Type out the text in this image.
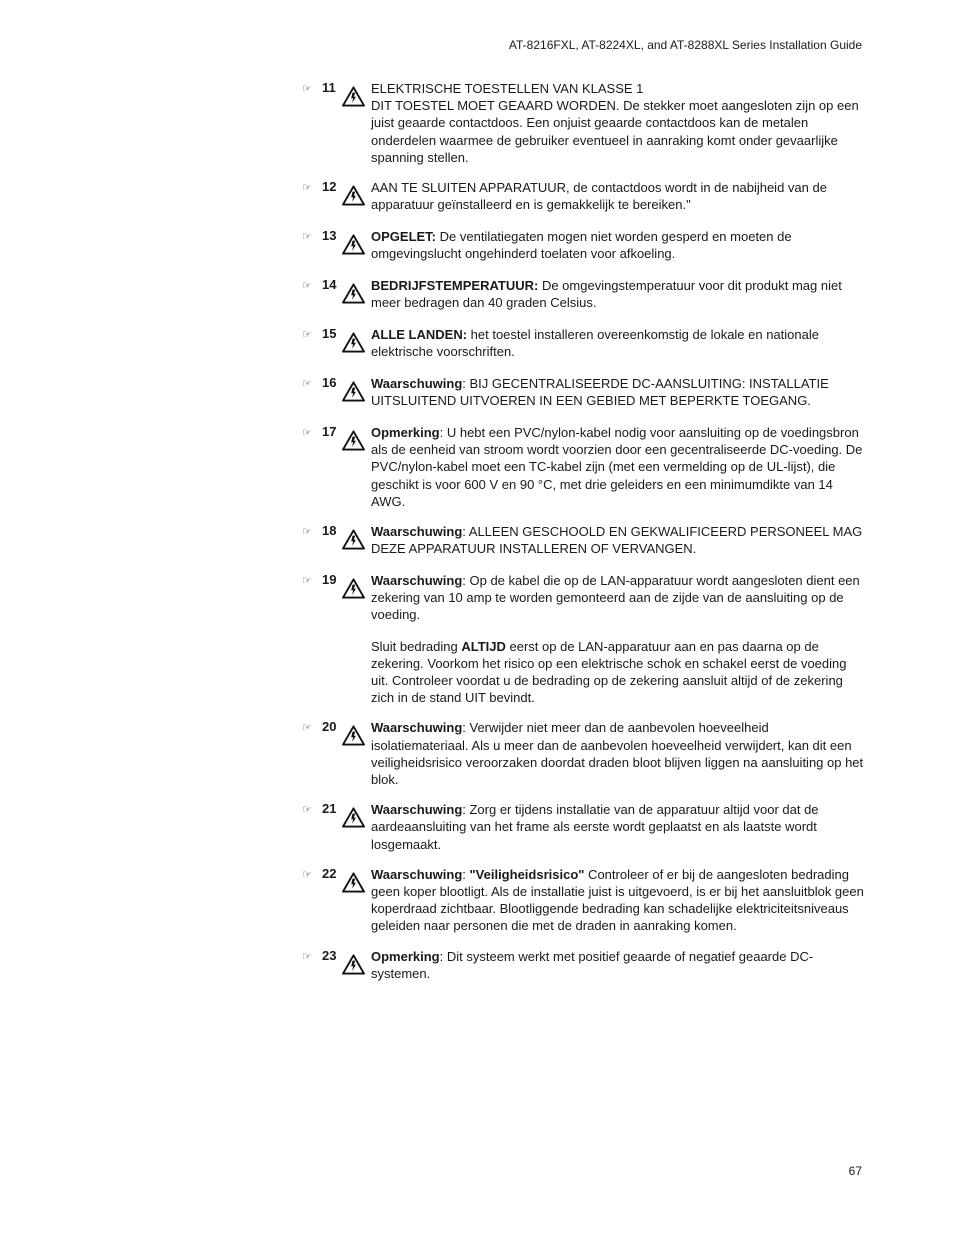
AT-8216FXL, AT-8224XL, and AT-8288XL Series Installation Guide
☞ 11	ELEKTRISCHE TOESTELLEN VAN KLASSE 1
DIT TOESTEL MOET GEAARD WORDEN. De stekker moet aangesloten zijn op een juist geaarde contactdoos. Een onjuist geaarde contactdoos kan de metalen onderdelen waarmee de gebruiker eventueel in aanraking komt onder gevaarlijke spanning stellen.

☞ 12	AAN TE SLUITEN APPARATUUR, de contactdoos wordt in de nabijheid van de apparatuur geïnstalleerd en is gemakkelijk te bereiken."

☞ 13	OPGELET: De ventilatiegaten mogen niet worden gesperd en moeten de omgevingslucht ongehinderd toelaten voor afkoeling.

☞ 14	BEDRIJFSTEMPERATUUR: De omgevingstemperatuur voor dit produkt mag niet meer bedragen dan 40 graden Celsius.

☞ 15	ALLE LANDEN: het toestel installeren overeenkomstig de lokale en nationale elektrische voorschriften.

☞ 16	Waarschuwing: BIJ GECENTRALISEERDE DC-AANSLUITING: INSTALLATIE UITSLUITEND UITVOEREN IN EEN GEBIED MET BEPERKTE TOEGANG.

☞ 17	Opmerking: U hebt een PVC/nylon-kabel nodig voor aansluiting op de voedingsbron als de eenheid van stroom wordt voorzien door een gecentraliseerde DC-voeding. De PVC/nylon-kabel moet een TC-kabel zijn (met een vermelding op de UL-lijst), die geschikt is voor 600 V en 90 °C, met drie geleiders en een minimumdikte van 14 AWG.

☞ 18	Waarschuwing: ALLEEN GESCHOOLD EN GEKWALIFICEERD PERSONEEL MAG DEZE APPARATUUR INSTALLEREN OF VERVANGEN.

☞ 19	Waarschuwing: Op de kabel die op de LAN-apparatuur wordt aangesloten dient een zekering van 10 amp te worden gemonteerd aan de zijde van de aansluiting op de voeding.

Sluit bedrading ALTIJD eerst op de LAN-apparatuur aan en pas daarna op de zekering. Voorkom het risico op een elektrische schok en schakel eerst de voeding uit. Controleer voordat u de bedrading op de zekering aansluit altijd of de zekering zich in de stand UIT bevindt.

☞ 20	Waarschuwing: Verwijder niet meer dan de aanbevolen hoeveelheid isolatiemateriaal. Als u meer dan de aanbevolen hoeveelheid verwijdert, kan dit een veiligheidsrisico veroorzaken doordat draden bloot blijven liggen na aansluiting op het blok.

☞ 21	Waarschuwing: Zorg er tijdens installatie van de apparatuur altijd voor dat de aardeaansluiting van het frame als eerste wordt geplaatst en als laatste wordt losgemaakt.

☞ 22	Waarschuwing: "Veiligheidsrisico" Controleer of er bij de aangesloten bedrading geen koper blootligt. Als de installatie juist is uitgevoerd, is er bij het aansluitblok geen koperdraad zichtbaar. Blootliggende bedrading kan schadelijke elektriciteitsniveaus geleiden naar personen die met de draden in aanraking komen.

☞ 23	Opmerking: Dit systeem werkt met positief geaarde of negatief geaarde DC-systemen.

67
